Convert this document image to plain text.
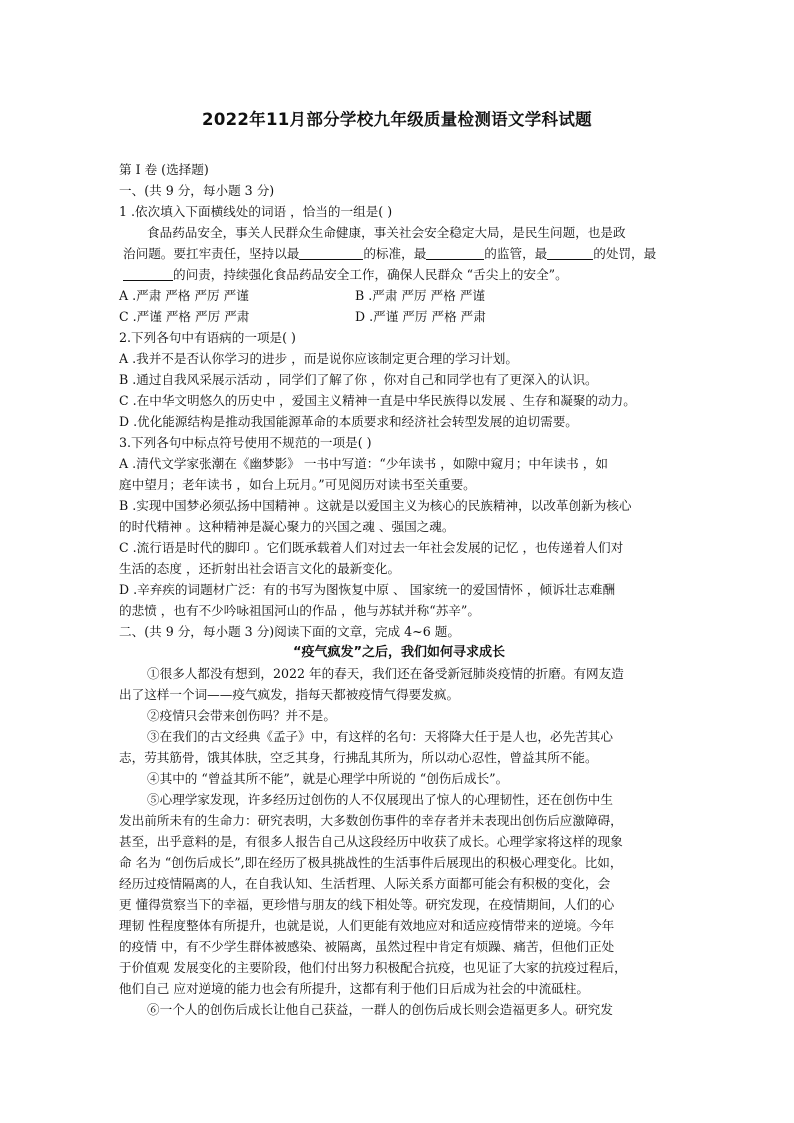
2022年11月部分学校九年级质量检测语文学科试题
第 I 卷 (选择题)
一、(共 9 分，每小题 3 分)
1 .依次填入下面横线处的词语 ，恰当的一组是( )
食品药品安全，事关人民群众生命健康，事关社会安全稳定大局，是民生问题，也是政
治问题。要扛牢责任，坚持以最	的标准，最	的监管，最	的处罚，最
的问责，持续强化食品药品安全工作，确保人民群众 “舌尖上的安全”。
A .严肃 严格 严厉 严谨	B .严肃 严厉 严格 严谨
C .严谨 严格 严厉 严肃	D .严谨 严厉 严格 严肃
2.下列各句中有语病的一项是( )
A .我并不是否认你学习的进步 ，而是说你应该制定更合理的学习计划。
B .通过自我风采展示活动 ，同学们了解了你 ，你对自己和同学也有了更深入的认识。
C .在中华文明悠久的历史中 ，爱国主义精神一直是中华民族得以发展 、生存和凝聚的动力。
D .优化能源结构是推动我国能源革命的本质要求和经济社会转型发展的迫切需要。
3.下列各句中标点符号使用不规范的一项是( )
A .清代文学家张潮在《幽梦影》 一书中写道：“少年读书 ，如隙中窥月；中年读书 ，如
庭中望月；老年读书 ，如台上玩月。”可见阅历对读书至关重要。
B .实现中国梦必须弘扬中国精神 。这就是以爱国主义为核心的民族精神，以改革创新为核心
的时代精神 。这种精神是凝心聚力的兴国之魂 、强国之魂。
C .流行语是时代的脚印 。它们既承载着人们对过去一年社会发展的记忆 ，也传递着人们对
生活的态度 ，还折射出社会语言文化的最新变化。
D .辛弃疾的词题材广泛：有的书写为图恢复中原 、 国家统一的爱国情怀 ，倾诉壮志难酬
的悲愤 ，也有不少吟咏祖国河山的作品 ，他与苏轼并称“苏辛”。
二、(共 9 分，每小题 3 分)阅读下面的文章，完成 4~6 题。
“疫气疯发”之后，我们如何寻求成长
①很多人都没有想到，2022 年的春天，我们还在备受新冠肺炎疫情的折磨。有网友造
出了这样一个词——疫气疯发，指每天都被疫情气得要发疯。
②疫情只会带来创伤吗？并不是。
③在我们的古文经典《孟子》中，有这样的名句：天将降大任于是人也，必先苦其心
志，劳其筋骨，饿其体肤，空乏其身，行拂乱其所为，所以动心忍性，曾益其所不能。
④其中的 “曾益其所不能”，就是心理学中所说的 “创伤后成长”。
⑤心理学家发现，许多经历过创伤的人不仅展现出了惊人的心理韧性，还在创伤中生
发出前所未有的生命力：研究表明，大多数创伤事件的幸存者并未表现出创伤后应激障碍，
甚至，出乎意料的是，有很多人报告自己从这段经历中收获了成长。心理学家将这样的现象
命 名为 “创伤后成长”,即在经历了极具挑战性的生活事件后展现出的积极心理变化。比如，
经历过疫情隔离的人，在自我认知、生活哲理、人际关系方面都可能会有积极的变化，会
更 懂得赏察当下的幸福，更珍惜与朋友的线下相处等。研究发现，在疫情期间，人们的心
理韧 性程度整体有所提升，也就是说，人们更能有效地应对和适应疫情带来的逆境。今年
的疫情 中，有不少学生群体被感染、被隔离，虽然过程中肯定有烦躁、痛苦，但他们正处
于价值观 发展变化的主要阶段，他们付出努力积极配合抗疫，也见证了大家的抗疫过程后，
他们自己 应对逆境的能力也会有所提升，这都有利于他们日后成为社会的中流砥柱。
⑥一个人的创伤后成长让他自己获益，一群人的创伤后成长则会造福更多人。研究发
